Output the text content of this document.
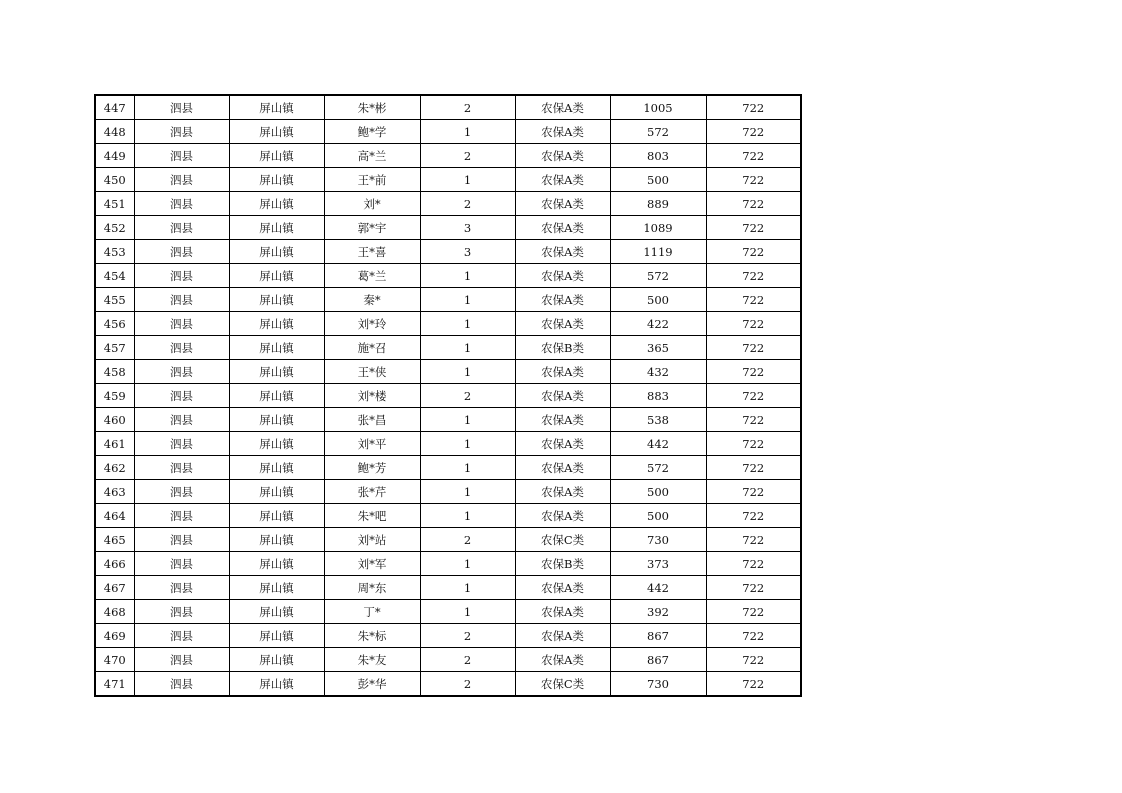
447	泗县	屏山镇	朱*彬	2	农保A类	1005	722
448	泗县	屏山镇	鲍*学	1	农保A类	572	722
449	泗县	屏山镇	高*兰	2	农保A类	803	722
450	泗县	屏山镇	王*前	1	农保A类	500	722
451	泗县	屏山镇	刘*	2	农保A类	889	722
452	泗县	屏山镇	郭*宇	3	农保A类	1089	722
453	泗县	屏山镇	王*喜	3	农保A类	1119	722
454	泗县	屏山镇	葛*兰	1	农保A类	572	722
455	泗县	屏山镇	秦*	1	农保A类	500	722
456	泗县	屏山镇	刘*玲	1	农保A类	422	722
457	泗县	屏山镇	施*召	1	农保B类	365	722
458	泗县	屏山镇	王*侠	1	农保A类	432	722
459	泗县	屏山镇	刘*楼	2	农保A类	883	722
460	泗县	屏山镇	张*昌	1	农保A类	538	722
461	泗县	屏山镇	刘*平	1	农保A类	442	722
462	泗县	屏山镇	鲍*芳	1	农保A类	572	722
463	泗县	屏山镇	张*芹	1	农保A类	500	722
464	泗县	屏山镇	朱*吧	1	农保A类	500	722
465	泗县	屏山镇	刘*站	2	农保C类	730	722
466	泗县	屏山镇	刘*军	1	农保B类	373	722
467	泗县	屏山镇	周*东	1	农保A类	442	722
468	泗县	屏山镇	丁*	1	农保A类	392	722
469	泗县	屏山镇	朱*标	2	农保A类	867	722
470	泗县	屏山镇	朱*友	2	农保A类	867	722
471	泗县	屏山镇	彭*华	2	农保C类	730	722
